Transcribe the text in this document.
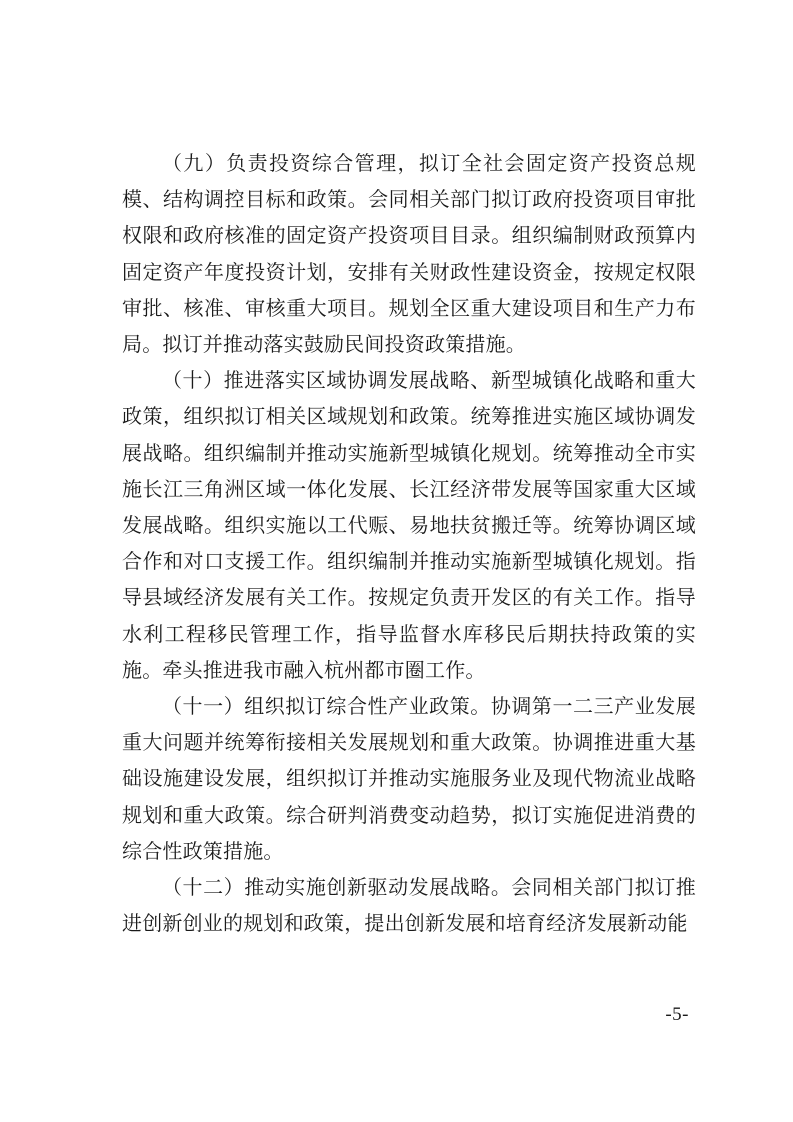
（九）负责投资综合管理，拟订全社会固定资产投资总规模、结构调控目标和政策。会同相关部门拟订政府投资项目审批权限和政府核准的固定资产投资项目目录。组织编制财政预算内固定资产年度投资计划，安排有关财政性建设资金，按规定权限审批、核准、审核重大项目。规划全区重大建设项目和生产力布局。拟订并推动落实鼓励民间投资政策措施。

（十）推进落实区域协调发展战略、新型城镇化战略和重大政策，组织拟订相关区域规划和政策。统筹推进实施区域协调发展战略。组织编制并推动实施新型城镇化规划。统筹推动全市实施长江三角洲区域一体化发展、长江经济带发展等国家重大区域发展战略。组织实施以工代赈、易地扶贫搬迁等。统筹协调区域合作和对口支援工作。组织编制并推动实施新型城镇化规划。指导县域经济发展有关工作。按规定负责开发区的有关工作。指导水利工程移民管理工作，指导监督水库移民后期扶持政策的实施。牵头推进我市融入杭州都市圈工作。

（十一）组织拟订综合性产业政策。协调第一二三产业发展重大问题并统筹衔接相关发展规划和重大政策。协调推进重大基础设施建设发展，组织拟订并推动实施服务业及现代物流业战略规划和重大政策。综合研判消费变动趋势，拟订实施促进消费的综合性政策措施。

（十二）推动实施创新驱动发展战略。会同相关部门拟订推进创新创业的规划和政策，提出创新发展和培育经济发展新动能

-5-
